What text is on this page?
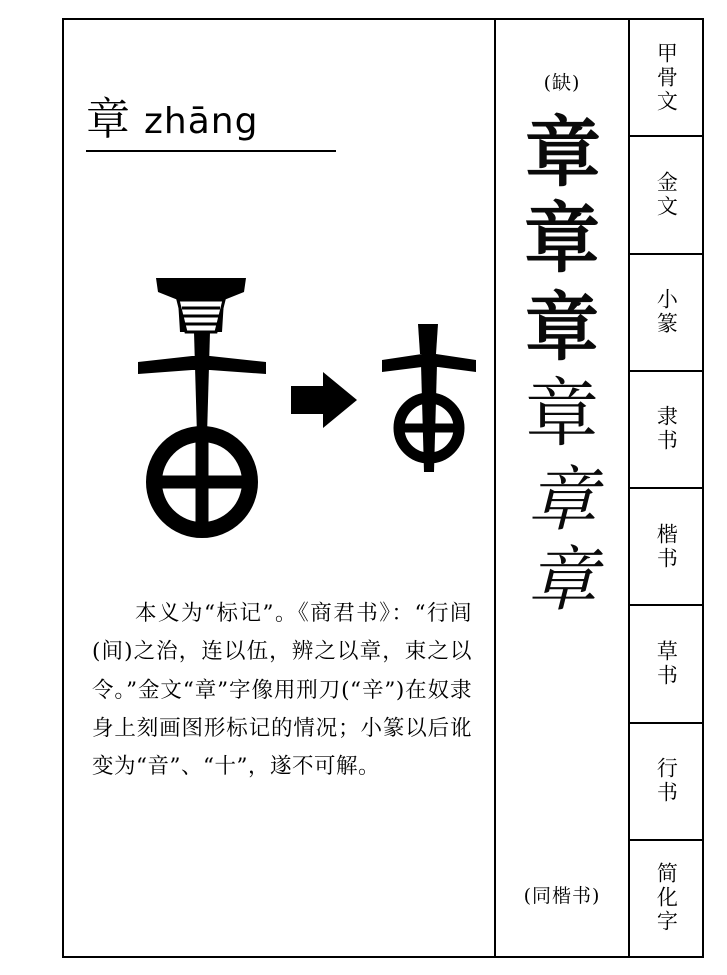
章 zhāng

本义为“标记”。《商君书》：“行闾(间)之治，连以伍，辨之以章，束之以令。”金文“章”字像用刑刀(“辛”)在奴隶身上刻画图形标记的情况；小篆以后讹变为“音”、“十”，遂不可解。

(缺)
章
章
章
章
章
章
(同楷书)
甲骨文
金文
小篆
隶书
楷书
草书
行书
简化字
